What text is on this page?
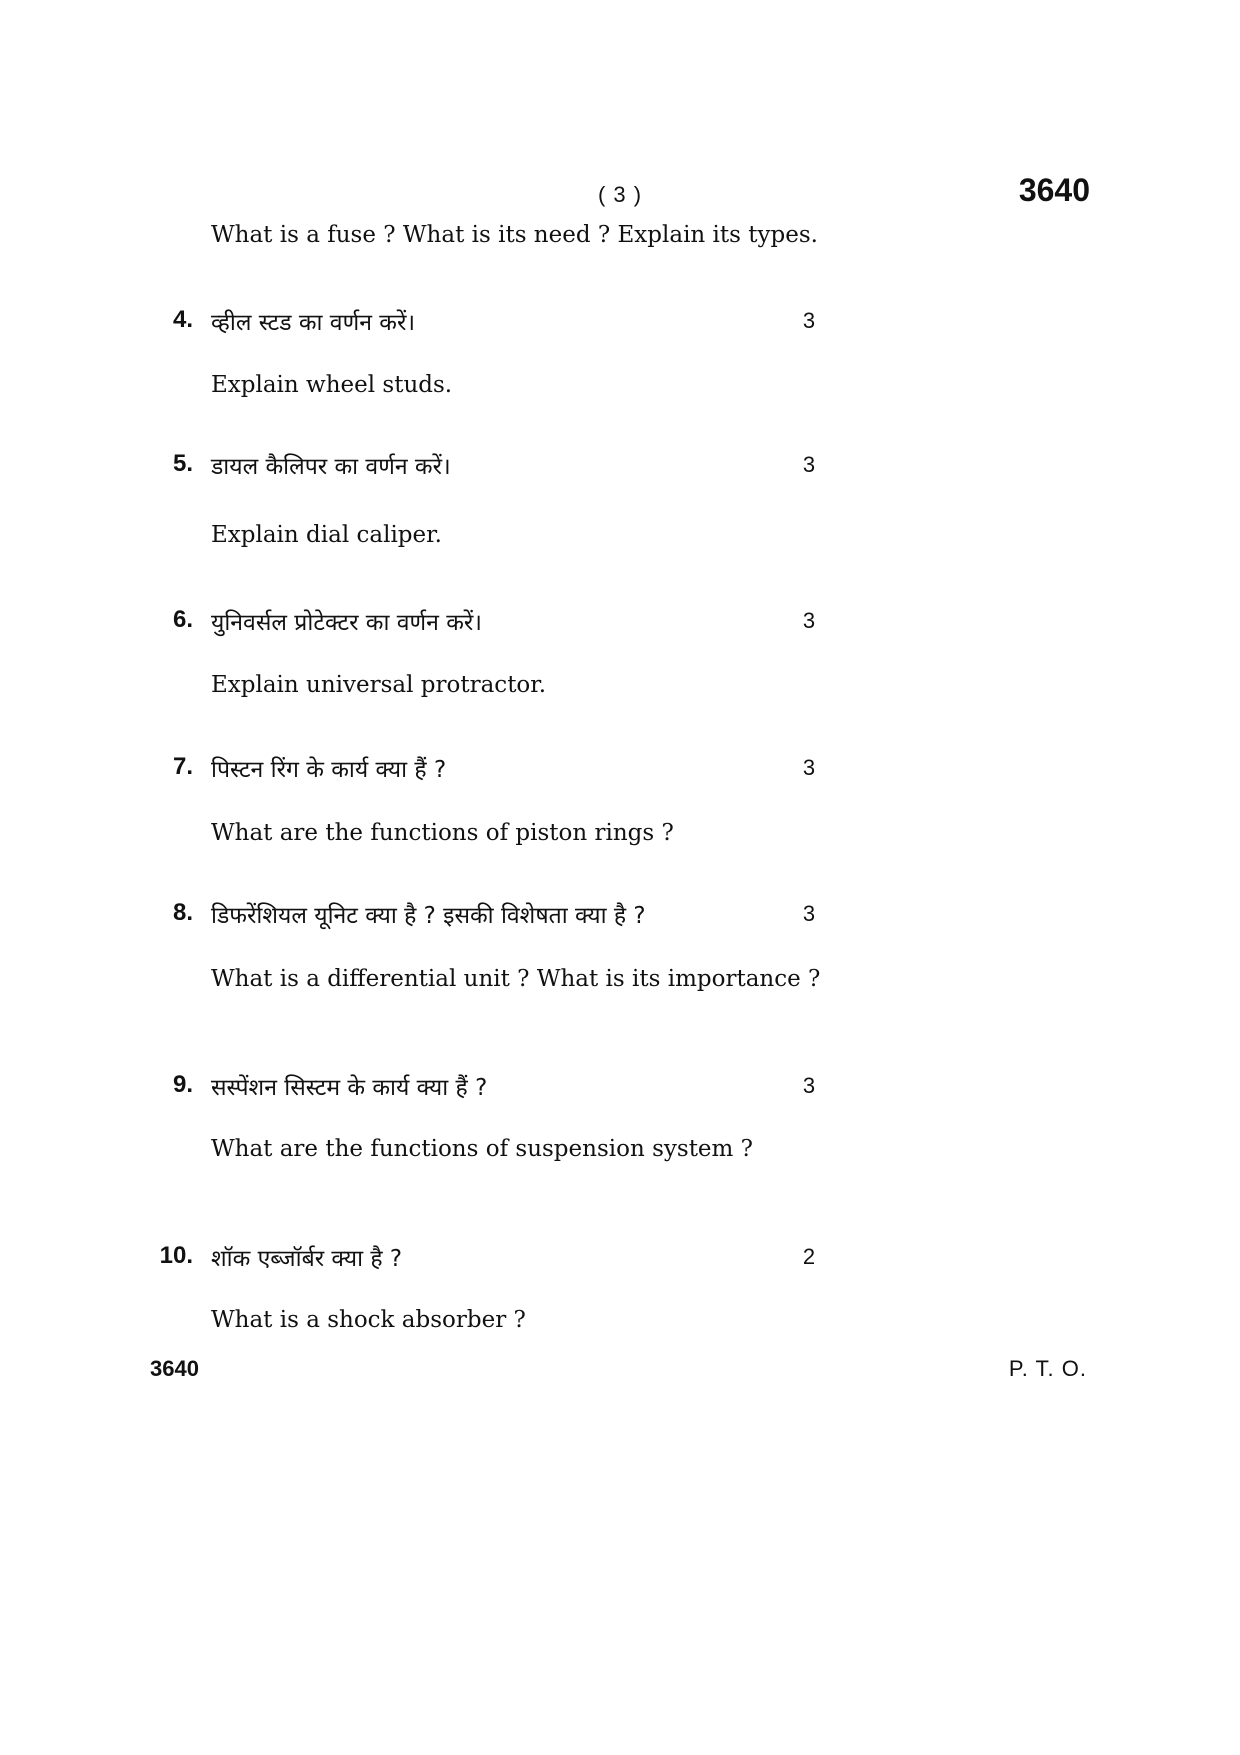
( 3 )	3640
What is a fuse ? What is its need ? Explain its types.
4. व्हील स्टड का वर्णन करें।	3
Explain wheel studs.
5. डायल कैलिपर का वर्णन करें।	3
Explain dial caliper.
6. युनिवर्सल प्रोटेक्टर का वर्णन करें।	3
Explain universal protractor.
7. पिस्टन रिंग के कार्य क्या हैं ?	3
What are the functions of piston rings ?
8. डिफरेंशियल यूनिट क्या है ? इसकी विशेषता क्या है ?	3
What is a differential unit ? What is its importance ?
9. सस्पेंशन सिस्टम के कार्य क्या हैं ?	3
What are the functions of suspension system ?
10. शॉक एब्जॉर्बर क्या है ?	2
What is a shock absorber ?
3640	P. T. O.
